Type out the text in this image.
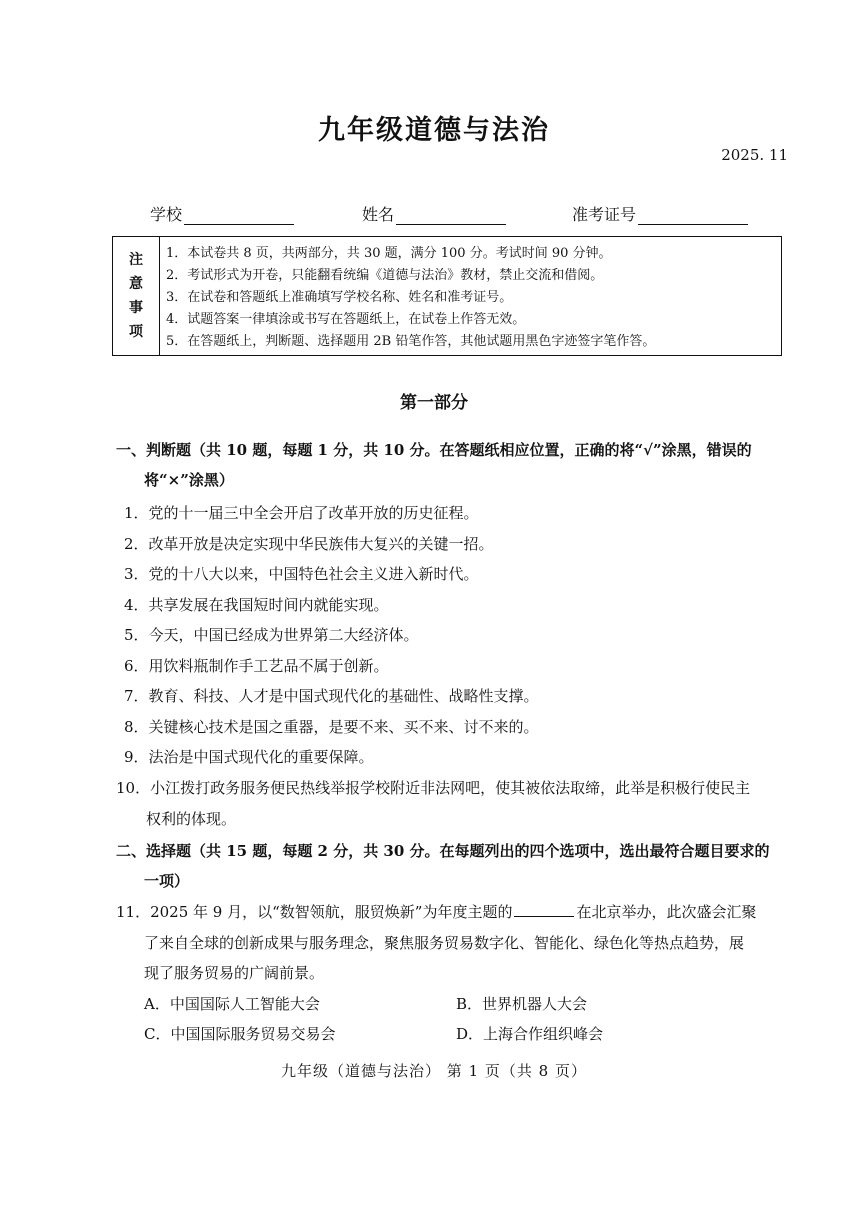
九年级道德与法治
2025. 11
学校	姓名	准考证号
注
意
事
项
1．本试卷共 8 页，共两部分，共 30 题，满分 100 分。考试时间 90 分钟。
2．考试形式为开卷，只能翻看统编《道德与法治》教材，禁止交流和借阅。
3．在试卷和答题纸上准确填写学校名称、姓名和准考证号。
4．试题答案一律填涂或书写在答题纸上，在试卷上作答无效。
5．在答题纸上，判断题、选择题用 2B 铅笔作答，其他试题用黑色字迹签字笔作答。
第一部分
一、判断题（共 10 题，每题 1 分，共 10 分。在答题纸相应位置，正确的将“√”涂黑，错误的
将“×”涂黑）
1．党的十一届三中全会开启了改革开放的历史征程。
2．改革开放是决定实现中华民族伟大复兴的关键一招。
3．党的十八大以来，中国特色社会主义进入新时代。
4．共享发展在我国短时间内就能实现。
5．今天，中国已经成为世界第二大经济体。
6．用饮料瓶制作手工艺品不属于创新。
7．教育、科技、人才是中国式现代化的基础性、战略性支撑。
8．关键核心技术是国之重器，是要不来、买不来、讨不来的。
9．法治是中国式现代化的重要保障。
10．小江拨打政务服务便民热线举报学校附近非法网吧，使其被依法取缔，此举是积极行使民主
权利的体现。
二、选择题（共 15 题，每题 2 分，共 30 分。在每题列出的四个选项中，选出最符合题目要求的
一项）
11．2025 年 9 月，以“数智领航，服贸焕新”为年度主题的	在北京举办，此次盛会汇聚
了来自全球的创新成果与服务理念，聚焦服务贸易数字化、智能化、绿色化等热点趋势，展
现了服务贸易的广阔前景。
A．中国国际人工智能大会	B．世界机器人大会
C．中国国际服务贸易交易会	D．上海合作组织峰会
九年级（道德与法治） 第 1 页（共 8 页）
